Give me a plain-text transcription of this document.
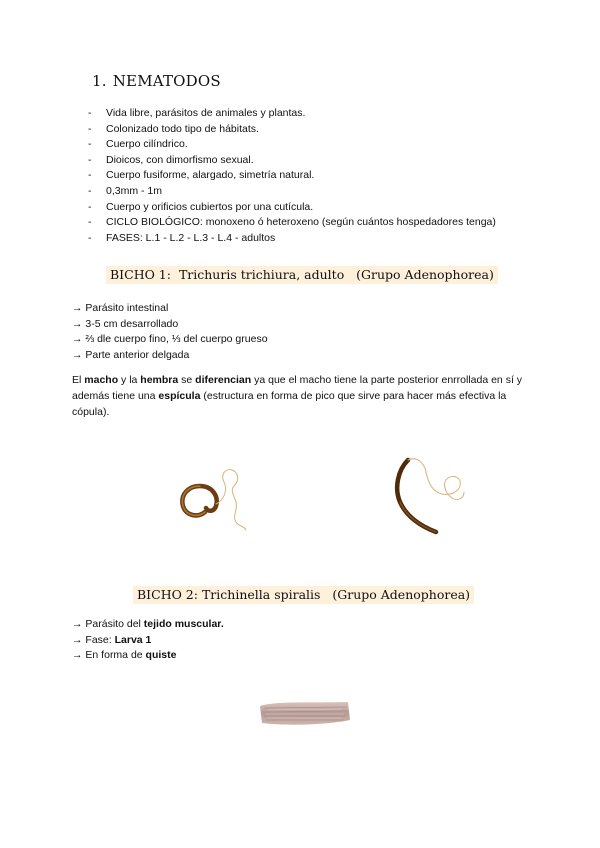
1. NEMATODOS
- Vida libre, parásitos de animales y plantas.
- Colonizado todo tipo de hábitats.
- Cuerpo cilíndrico.
- Dioicos, con dimorfismo sexual.
- Cuerpo fusiforme, alargado, simetría natural.
- 0,3mm - 1m
- Cuerpo y orificios cubiertos por una cutícula.
- CICLO BIOLÓGICO: monoxeno ó heteroxeno (según cuántos hospedadores tenga)
- FASES: L.1 - L.2 - L.3 - L.4 - adultos
BICHO 1: Trichuris trichiura, adulto (Grupo Adenophorea)
→ Parásito intestinal
→ 3-5 cm desarrollado
→ ⅔ dle cuerpo fino, ⅓ del cuerpo grueso
→ Parte anterior delgada

El macho y la hembra se diferencian ya que el macho tiene la parte posterior enrrollada en sí y además tiene una espícula (estructura en forma de pico que sirve para hacer más efectiva la cópula).

BICHO 2: Trichinella spiralis (Grupo Adenophorea)
→ Parásito del tejido muscular.
→ Fase: Larva 1
→ En forma de quiste
